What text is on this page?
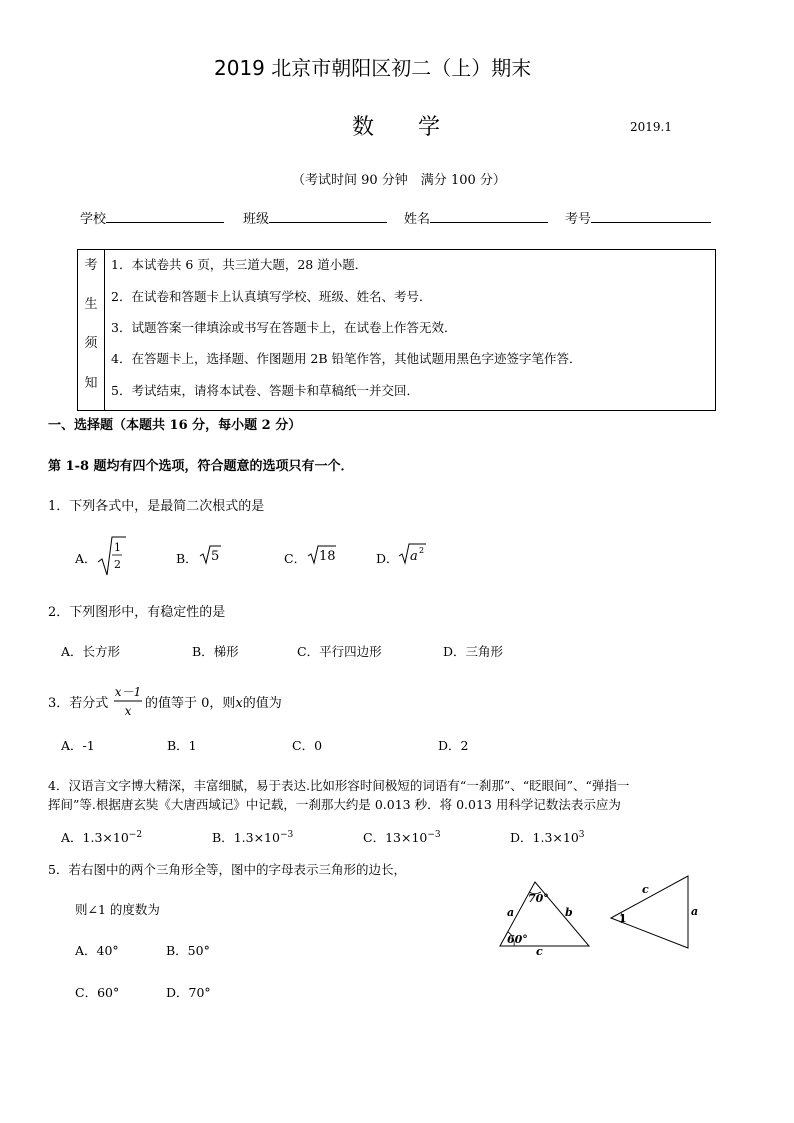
2019 北京市朝阳区初二（上）期末
数　　学	2019.1
（考试时间 90 分钟　满分 100 分）
学校	班级	姓名	考号
考
生
须
知
1．本试卷共 6 页，共三道大题，28 道小题．
2．在试卷和答题卡上认真填写学校、班级、姓名、考号．
3．试题答案一律填涂或书写在答题卡上，在试卷上作答无效．
4．在答题卡上，选择题、作图题用 2B 铅笔作答，其他试题用黑色字迹签字笔作答．
5．考试结束，请将本试卷、答题卡和草稿纸一并交回．
一、选择题（本题共 16 分，每小题 2 分）
第 1-8 题均有四个选项，符合题意的选项只有一个．
1．下列各式中，是最简二次根式的是
A．
1
2	B． 5	C． 18	D． a 2
2．下列图形中，有稳定性的是
A．长方形	B．梯形	C．平行四边形	D．三角形
3．若分式
x－1
x 的值等于 0，则x的值为
A．-1	B．1	C．0	D．2
4．汉语言文字博大精深，丰富细腻，易于表达.比如形容时间极短的词语有“一刹那”、“眨眼间”、“弹指一
挥间”等.根据唐玄奘《大唐西域记》中记载，一刹那大约是 0.013 秒．将 0.013 用科学记数法表示应为
A．$1.3\times 10^{-2}$	B．$1.3\times 10^{-3}$	C．$13\times 10^{-3}$	D．$1.3\times 10^3$
5．若右图中的两个三角形全等，图中的字母表示三角形的边长，
则∠1 的度数为
A．40°	B．50°
C．60°	D．70°
70°
60°
a	b
c
1
c
a
